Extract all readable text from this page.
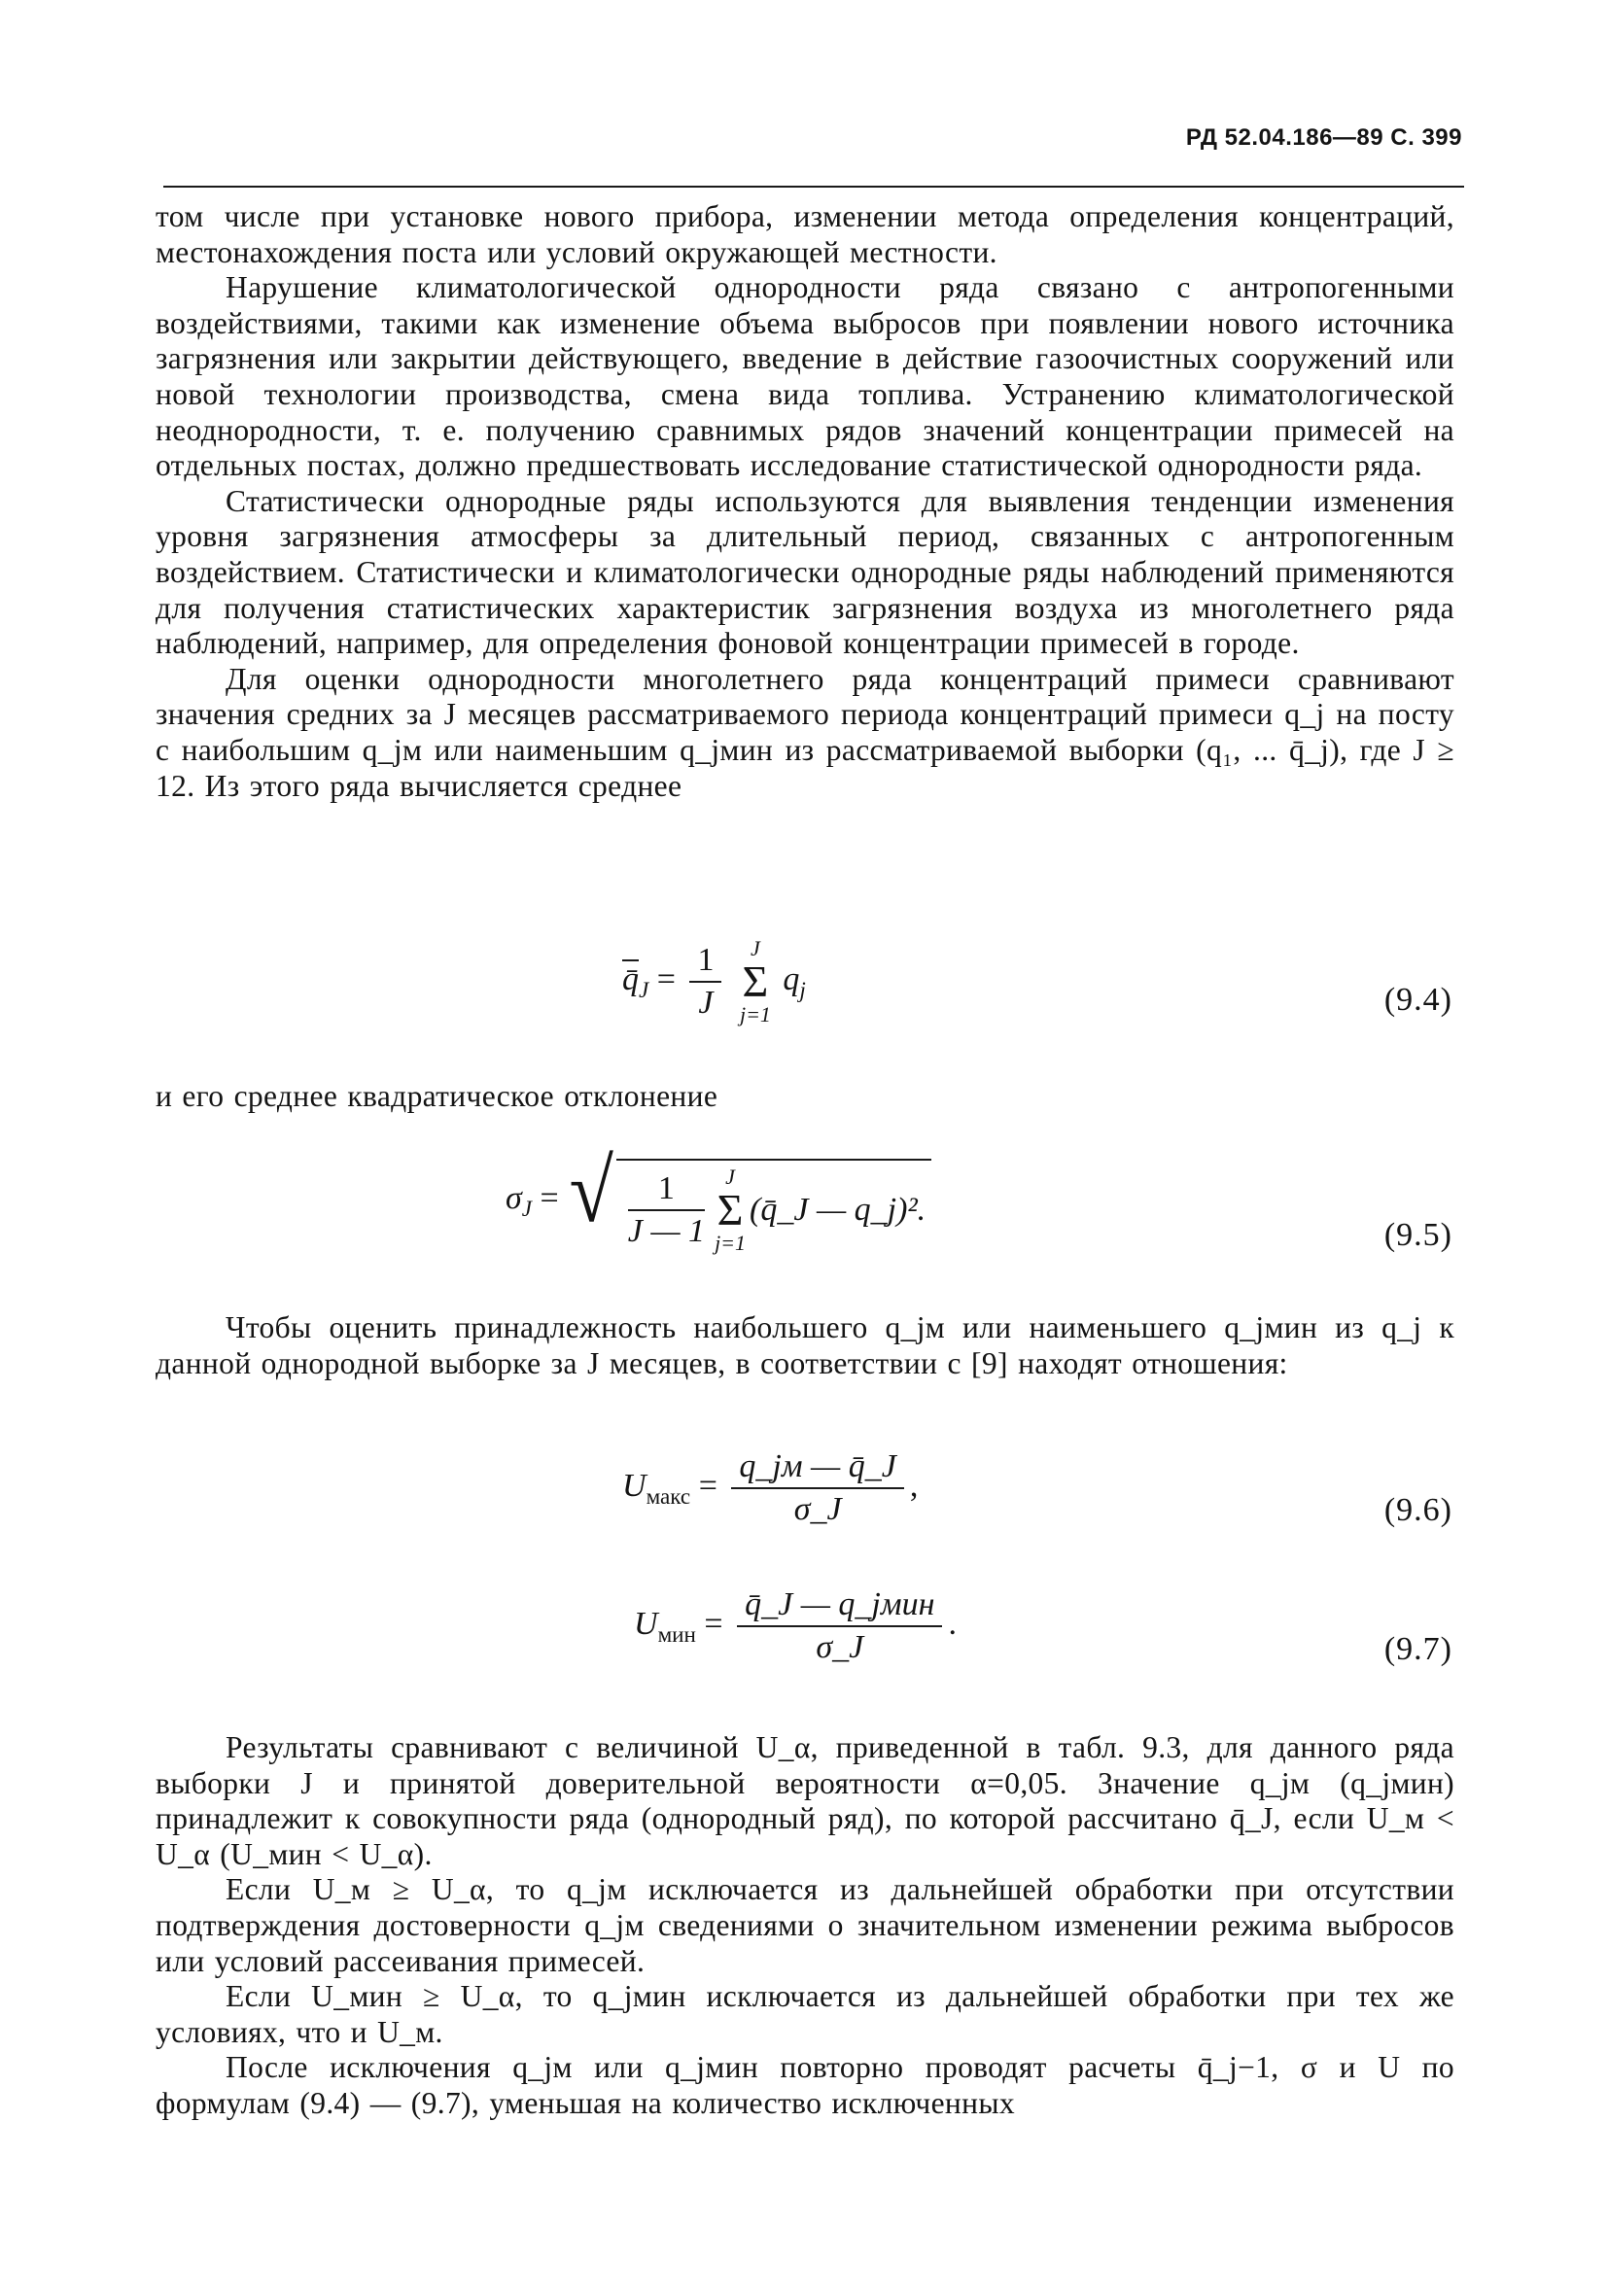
РД 52.04.186—89 С. 399

том числе при установке нового прибора, изменении метода определения концентраций, местонахождения поста или условий окружающей местности.

Нарушение климатологической однородности ряда связано с антропогенными воздействиями, такими как изменение объема выбросов при появлении нового источника загрязнения или закрытии действующего, введение в действие газоочистных сооружений или новой технологии производства, смена вида топлива. Устранению климатологической неоднородности, т. е. получению сравнимых рядов значений концентрации примесей на отдельных постах, должно предшествовать исследование статистической однородности ряда.

Статистически однородные ряды используются для выявления тенденции изменения уровня загрязнения атмосферы за длительный период, связанных с антропогенным воздействием. Статистически и климатологически однородные ряды наблюдений применяются для получения статистических характеристик загрязнения воздуха из многолетнего ряда наблюдений, например, для определения фоновой концентрации примесей в городе.

Для оценки однородности многолетнего ряда концентраций примеси сравнивают значения средних за J месяцев рассматриваемого периода концентраций примеси q_j на посту с наибольшим q_jм или наименьшим q_jмин из рассматриваемой выборки (q₁, ... q̄_j), где J ≥ 12. Из этого ряда вычисляется среднее

$q̄_J = \frac{1}{J}$
	J
Σ
j=1
$q_j$	(9.4)

и его среднее квадратическое отклонение

$\sigma_J$ = √ $\frac{1}{J — 1}$ J
Σ
j=1
(q̄_J — q_j)².
(9.5)

Чтобы оценить принадлежность наибольшего q_jм или наименьшего q_jмин из q_j к данной однородной выборке за J месяцев, в соответствии с [9] находят отношения:

$U_{макс} = \frac{q\_jм — q̄\_J}{\sigma\_J}$ ,
(9.6)
$U_{мин} = \frac{\text{q̄\_J — q\_jмин}}{\sigma\_J}$ .
(9.7)

Результаты сравнивают с величиной U_α, приведенной в табл. 9.3, для данного ряда выборки J и принятой доверительной вероятности α=0,05. Значение q_jм (q_jмин) принадлежит к совокупности ряда (однородный ряд), по которой рассчитано q̄_J, если U_м < U_α (U_мин < U_α).

Если U_м ≥ U_α, то q_jм исключается из дальнейшей обработки при отсутствии подтверждения достоверности q_jм сведениями о значительном изменении режима выбросов или условий рассеивания примесей.

Если U_мин ≥ U_α, то q_jмин исключается из дальнейшей обработки при тех же условиях, что и U_м.

После исключения q_jм или q_jмин повторно проводят расчеты q̄_j−1, σ и U по формулам (9.4) — (9.7), уменьшая на количество исключенных
